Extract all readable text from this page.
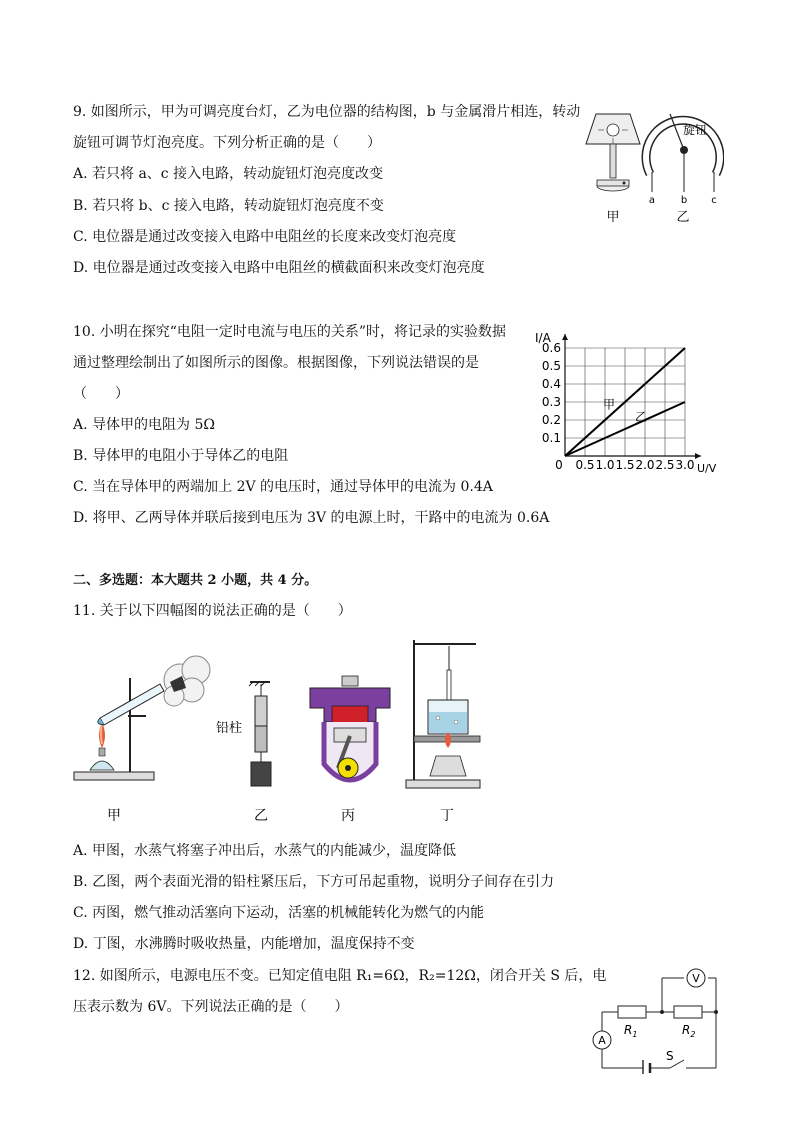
9. 如图所示，甲为可调亮度台灯，乙为电位器的结构图，b 与金属滑片相连，转动
旋钮可调节灯泡亮度。下列分析正确的是（　　）
A. 若只将 a、c 接入电路，转动旋钮灯泡亮度改变
B. 若只将 b、c 接入电路，转动旋钮灯泡亮度不变
C. 电位器是通过改变接入电路中电阻丝的长度来改变灯泡亮度
D. 电位器是通过改变接入电路中电阻丝的横截面积来改变灯泡亮度
旋钮
a	b c
甲	乙
10. 小明在探究“电阻一定时电流与电压的关系”时，将记录的实验数据
通过整理绘制出了如图所示的图像。根据图像，下列说法错误的是
（　　）
A. 导体甲的电阻为 5Ω
B. 导体甲的电阻小于导体乙的电阻
C. 当在导体甲的两端加上 2V 的电压时，通过导体甲的电流为 0.4A
D. 将甲、乙两导体并联后接到电压为 3V 的电源上时，干路中的电流为 0.6A
0 0.5 1.0 1.5 2.0 2.5 3.0
0.1
0.2
0.3
0.4
0.5
0.6
U/V
I/A
甲
乙
二、多选题：本大题共 2 小题，共 4 分。
11. 关于以下四幅图的说法正确的是（　　）
铅柱
甲	乙	丙	丁
A. 甲图，水蒸气将塞子冲出后，水蒸气的内能减少，温度降低
B. 乙图，两个表面光滑的铅柱紧压后，下方可吊起重物，说明分子间存在引力
C. 丙图，燃气推动活塞向下运动，活塞的机械能转化为燃气的内能
D. 丁图，水沸腾时吸收热量，内能增加，温度保持不变
12. 如图所示，电源电压不变。已知定值电阻 R₁=6Ω，R₂=12Ω，闭合开关 S 后，电
压表示数为 6V。下列说法正确的是（　　）
V
A
$R_1$	$R_2$
S
